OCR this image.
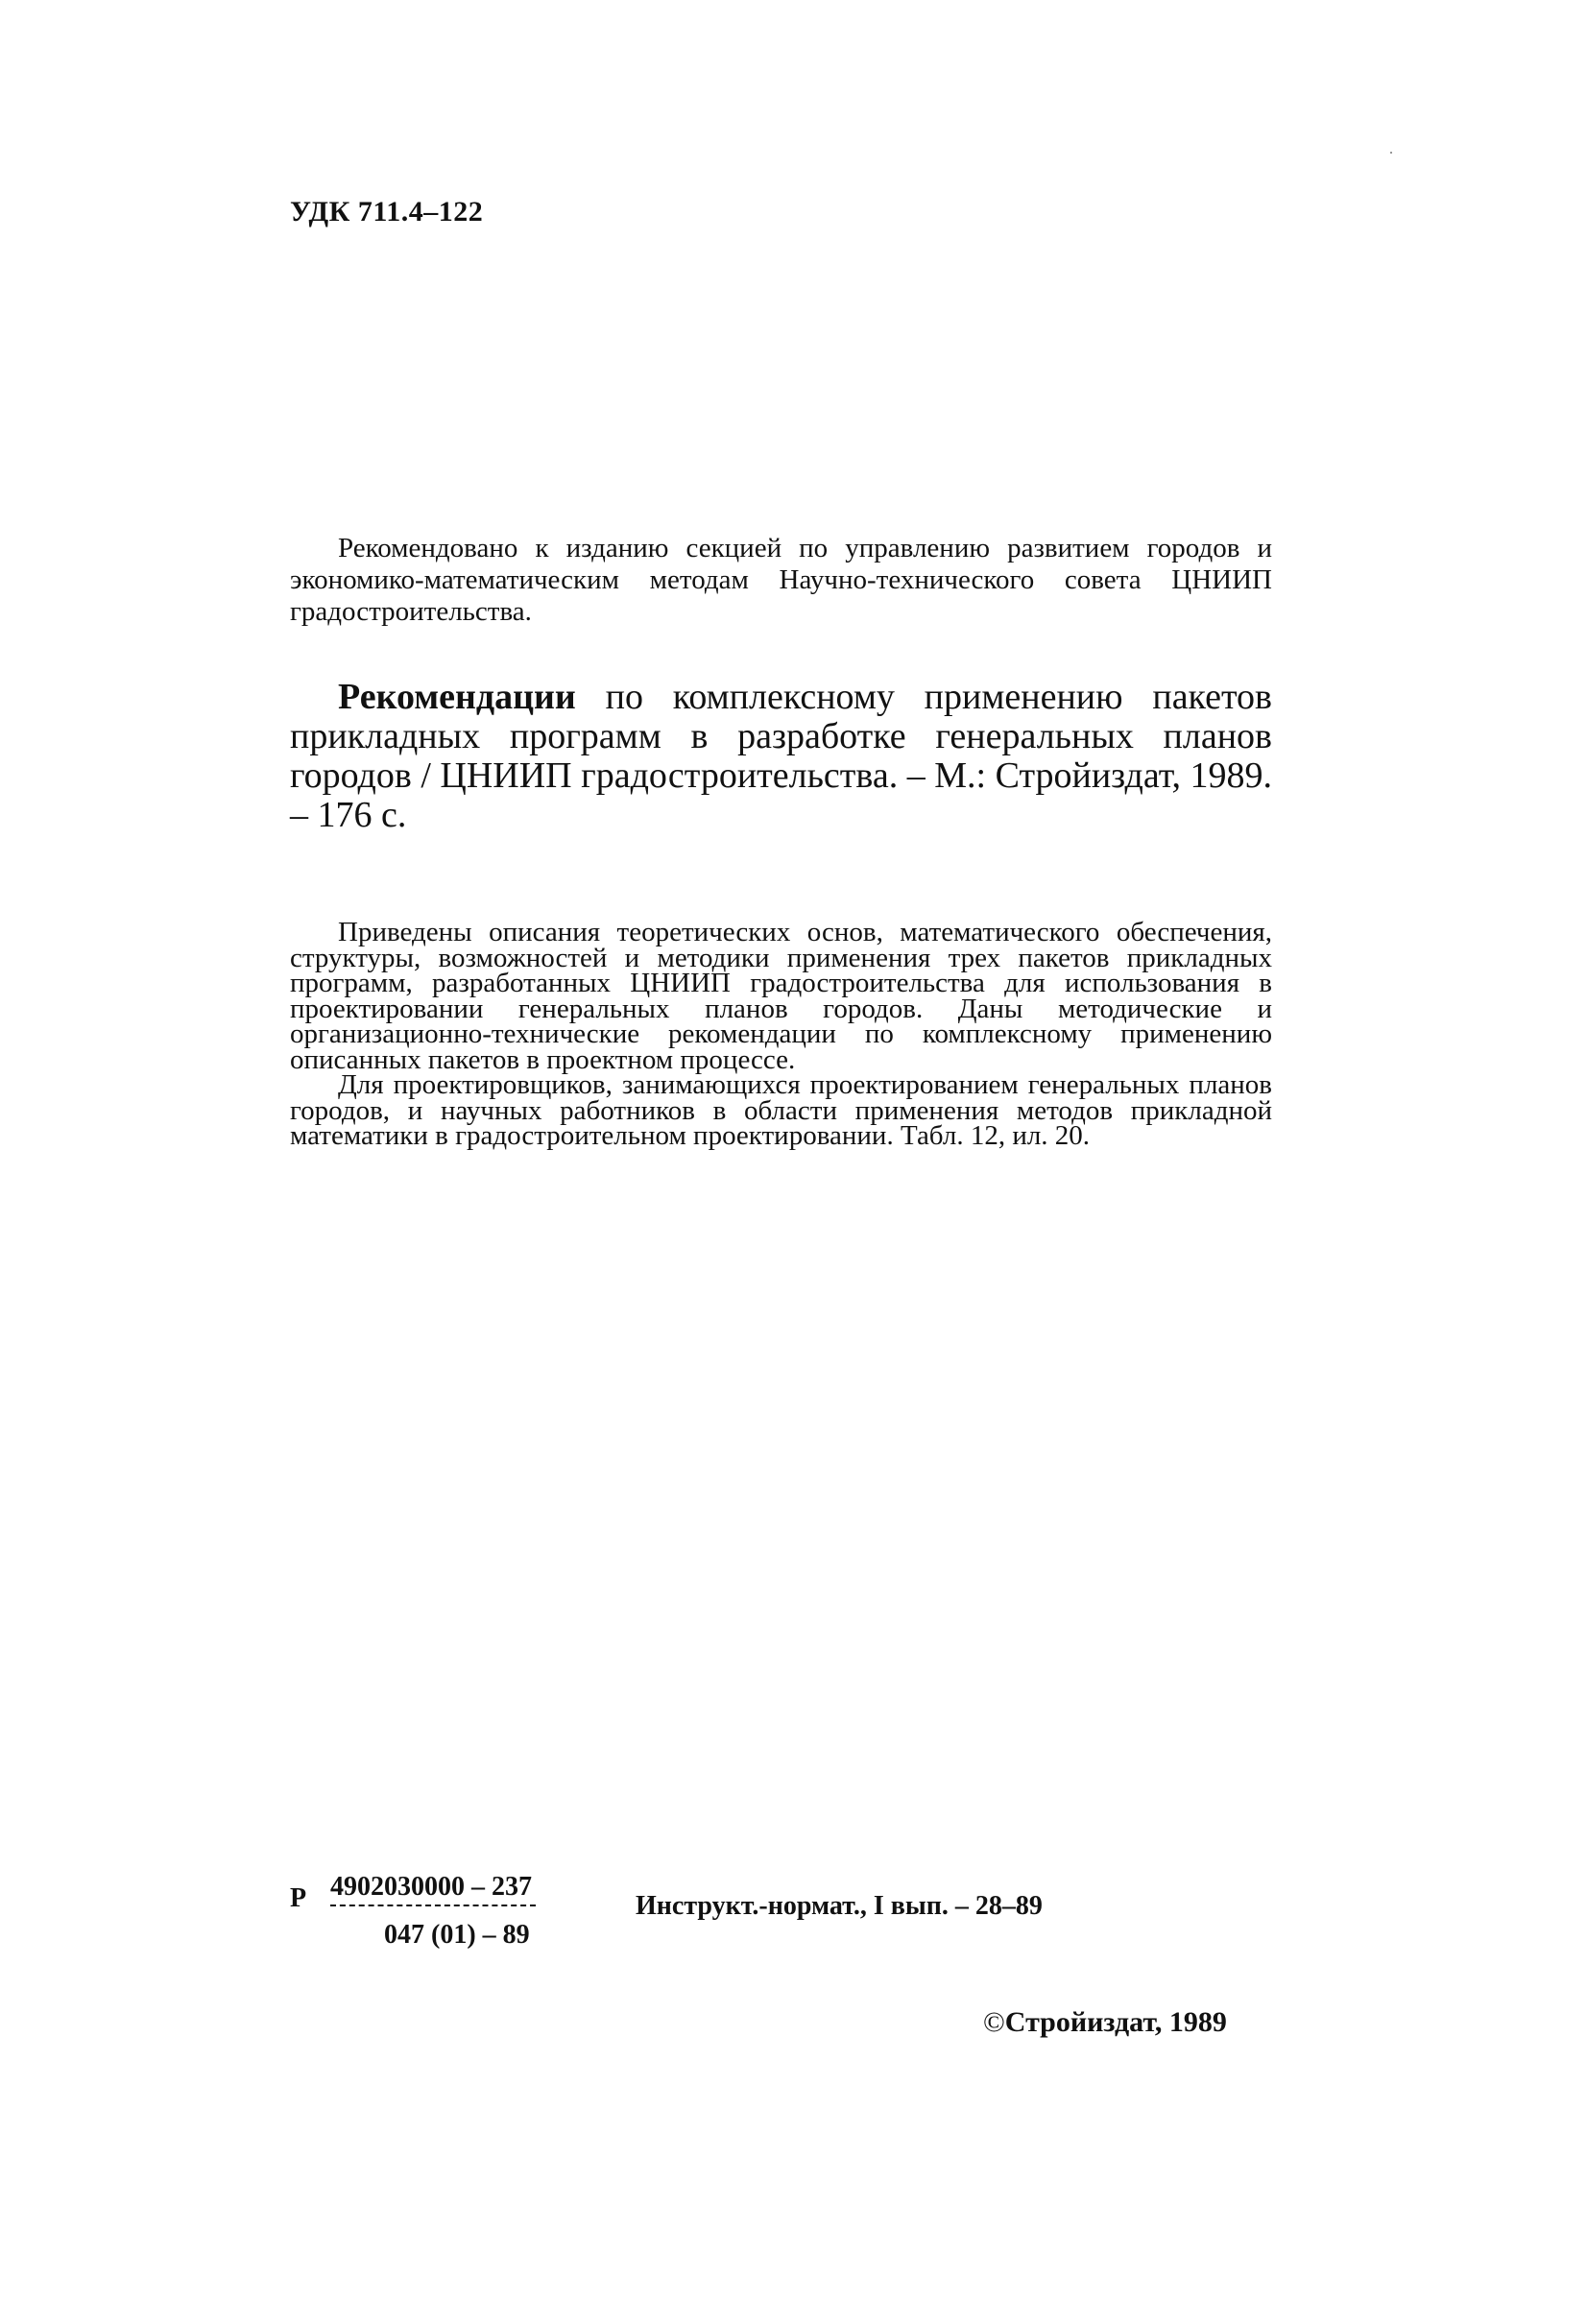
УДК 711.4–122

Рекомендовано к изданию секцией по управлению развитием городов и экономико-математическим методам Научно-технического совета ЦНИИП градостроительства.

Рекомендации по комплексному применению пакетов прикладных программ в разработке генеральных планов городов / ЦНИИП градостроительства. – М.: Стройиздат, 1989. – 176 с.

Приведены описания теоретических основ, математического обеспечения, структуры, возможностей и методики применения трех пакетов прикладных программ, разработанных ЦНИИП градостроительства для использования в проектировании генеральных планов городов. Даны методические и организационно-технические рекомендации по комплексному применению описанных пакетов в проектном процессе.

Для проектировщиков, занимающихся проектированием генеральных планов городов, и научных работников в области применения методов прикладной математики в градостроительном проектировании. Табл. 12, ил. 20.

Р 4902030000 – 237
047 (01) – 89
Инструкт.-нормат., I вып. – 28–89
©Стройиздат, 1989
